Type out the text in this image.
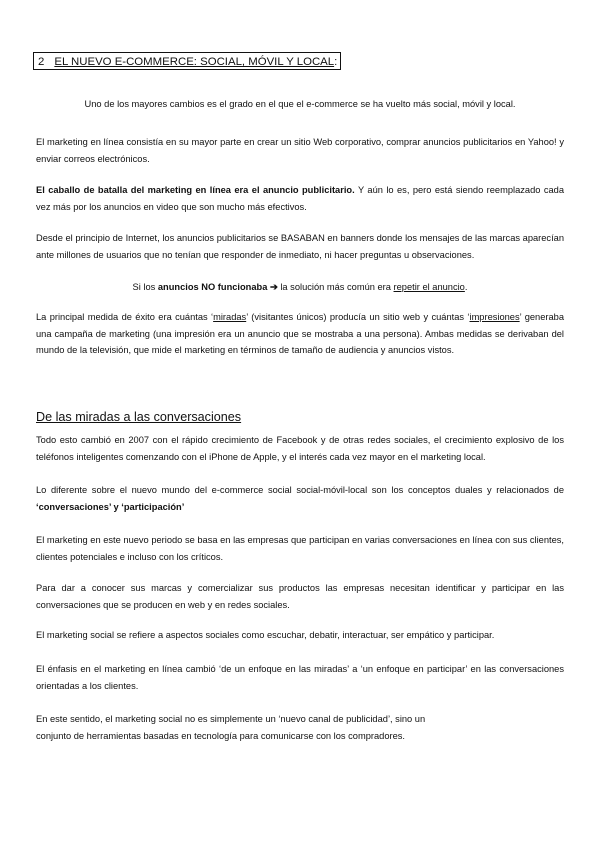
2 EL NUEVO E-COMMERCE: SOCIAL, MÓVIL Y LOCAL:
Uno de los mayores cambios es el grado en el que el e-commerce se ha vuelto más social, móvil y local.
El marketing en línea consistía en su mayor parte en crear un sitio Web corporativo, comprar anuncios publicitarios en Yahoo! y enviar correos electrónicos.
El caballo de batalla del marketing en línea era el anuncio publicitario. Y aún lo es, pero está siendo reemplazado cada vez más por los anuncios en video que son mucho más efectivos.
Desde el principio de Internet, los anuncios publicitarios se BASABAN en banners donde los mensajes de las marcas aparecían ante millones de usuarios que no tenían que responder de inmediato, ni hacer preguntas u observaciones.
Si los anuncios NO funcionaba ➔ la solución más común era repetir el anuncio.
La principal medida de éxito era cuántas ‘miradas’ (visitantes únicos) producía un sitio web y cuántas ‘impresiones’ generaba una campaña de marketing (una impresión era un anuncio que se mostraba a una persona). Ambas medidas se derivaban del mundo de la televisión, que mide el marketing en términos de tamaño de audiencia y anuncios vistos.
De las miradas a las conversaciones
Todo esto cambió en 2007 con el rápido crecimiento de Facebook y de otras redes sociales, el crecimiento explosivo de los teléfonos inteligentes comenzando con el iPhone de Apple, y el interés cada vez mayor en el marketing local.
Lo diferente sobre el nuevo mundo del e-commerce social social-móvil-local son los conceptos duales y relacionados de ‘conversaciones’ y ‘participación’
El marketing en este nuevo periodo se basa en las empresas que participan en varias conversaciones en línea con sus clientes, clientes potenciales e incluso con los críticos.
Para dar a conocer sus marcas y comercializar sus productos las empresas necesitan identificar y participar en las conversaciones que se producen en web y en redes sociales.
El marketing social se refiere a aspectos sociales como escuchar, debatir, interactuar, ser empático y participar.
El énfasis en el marketing en línea cambió ‘de un enfoque en las miradas’ a ‘un enfoque en participar’ en las conversaciones orientadas a los clientes.
En este sentido, el marketing social no es simplemente un ‘nuevo canal de publicidad’, sino un
conjunto de herramientas basadas en tecnología para comunicarse con los compradores.
